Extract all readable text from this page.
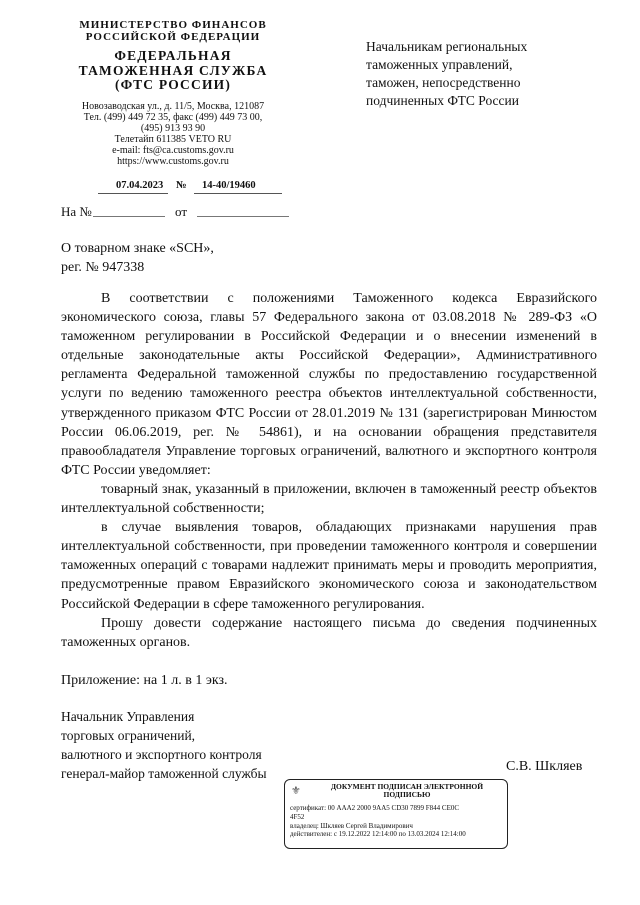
МИНИСТЕРСТВО ФИНАНСОВ
РОССИЙСКОЙ ФЕДЕРАЦИИ
ФЕДЕРАЛЬНАЯ
ТАМОЖЕННАЯ СЛУЖБА
(ФТС РОССИИ)
Новозаводская ул., д. 11/5, Москва, 121087
Тел. (499) 449 72 35, факс (499) 449 73 00,
(495) 913 93 90
Телетайп 611385 VETO RU
e-mail: fts@ca.customs.gov.ru
https://www.customs.gov.ru
07.04.2023 № 14-40/19460
На №	от
Начальникам региональных
таможенных управлений,
таможен, непосредственно
подчиненных ФТС России
О товарном знаке «SCH»,
рег. № 947338

В соответствии с положениями Таможенного кодекса Евразийского экономического союза, главы 57 Федерального закона от 03.08.2018 № 289-ФЗ «О таможенном регулировании в Российской Федерации и о внесении изменений в отдельные законодательные акты Российской Федерации», Административного регламента Федеральной таможенной службы по предоставлению государственной услуги по ведению таможенного реестра объектов интеллектуальной собственности, утвержденного приказом ФТС России от 28.01.2019 № 131 (зарегистрирован Минюстом России 06.06.2019, рег. № 54861), и на основании обращения представителя правообладателя Управление торговых ограничений, валютного и экспортного контроля ФТС России уведомляет:

товарный знак, указанный в приложении, включен в таможенный реестр объектов интеллектуальной собственности;

в случае выявления товаров, обладающих признаками нарушения прав интеллектуальной собственности, при проведении таможенного контроля и совершении таможенных операций с товарами надлежит принимать меры и проводить мероприятия, предусмотренные правом Евразийского экономического союза и законодательством Российской Федерации в сфере таможенного регулирования.

Прошу довести содержание настоящего письма до сведения подчиненных таможенных органов.

Приложение: на 1 л. в 1 экз.
Начальник Управления
торговых ограничений,
валютного и экспортного контроля
генерал-майор таможенной службы	С.В. Шкляев
⚜	ДОКУМЕНТ ПОДПИСАН ЭЛЕКТРОННОЙ
ПОДПИСЬЮ
сертификат: 00 AAA2 2000 9AA5 CD30 7899 F844 CE0C
4F52
владелец: Шкляев Сергей Владимирович
действителен: с 19.12.2022 12:14:00 по 13.03.2024 12:14:00
